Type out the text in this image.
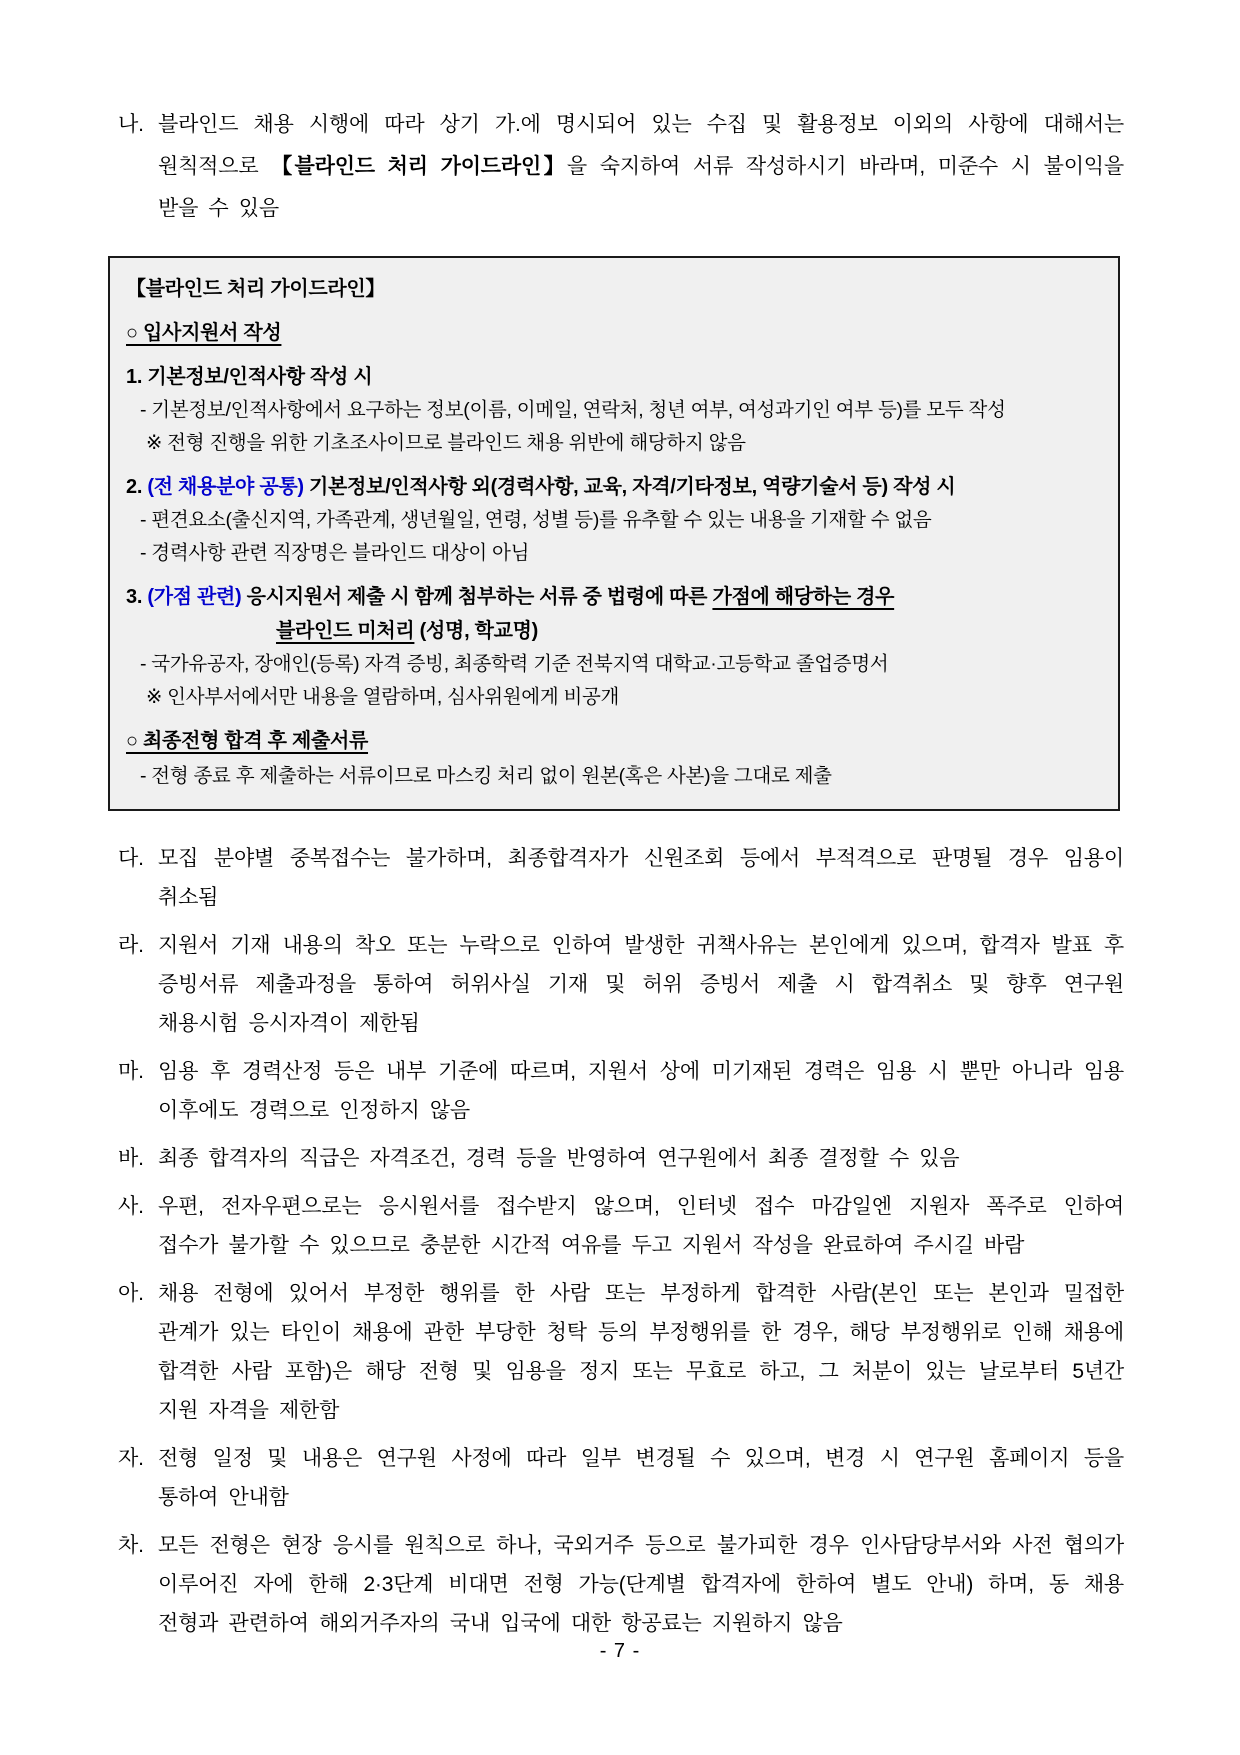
나. 블라인드 채용 시행에 따라 상기 가.에 명시되어 있는 수집 및 활용정보 이외의 사항에 대해서는 원칙적으로 【블라인드 처리 가이드라인】을 숙지하여 서류 작성하시기 바라며, 미준수 시 불이익을 받을 수 있음
【블라인드 처리 가이드라인】
○ 입사지원서 작성
1. 기본정보/인적사항 작성 시
- 기본정보/인적사항에서 요구하는 정보(이름, 이메일, 연락처, 청년 여부, 여성과기인 여부 등)를 모두 작성
※ 전형 진행을 위한 기초조사이므로 블라인드 채용 위반에 해당하지 않음
2. (전 채용분야 공통) 기본정보/인적사항 외(경력사항, 교육, 자격/기타정보, 역량기술서 등) 작성 시
- 편견요소(출신지역, 가족관계, 생년월일, 연령, 성별 등)를 유추할 수 있는 내용을 기재할 수 없음
- 경력사항 관련 직장명은 블라인드 대상이 아님
3. (가점 관련) 응시지원서 제출 시 함께 첨부하는 서류 중 법령에 따른 가점에 해당하는 경우
블라인드 미처리 (성명, 학교명)
- 국가유공자, 장애인(등록) 자격 증빙, 최종학력 기준 전북지역 대학교·고등학교 졸업증명서
※ 인사부서에서만 내용을 열람하며, 심사위원에게 비공개
○ 최종전형 합격 후 제출서류
- 전형 종료 후 제출하는 서류이므로 마스킹 처리 없이 원본(혹은 사본)을 그대로 제출
다. 모집 분야별 중복접수는 불가하며, 최종합격자가 신원조회 등에서 부적격으로 판명될 경우 임용이 취소됨
라. 지원서 기재 내용의 착오 또는 누락으로 인하여 발생한 귀책사유는 본인에게 있으며, 합격자 발표 후 증빙서류 제출과정을 통하여 허위사실 기재 및 허위 증빙서 제출 시 합격취소 및 향후 연구원 채용시험 응시자격이 제한됨
마. 임용 후 경력산정 등은 내부 기준에 따르며, 지원서 상에 미기재된 경력은 임용 시 뿐만 아니라 임용 이후에도 경력으로 인정하지 않음
바. 최종 합격자의 직급은 자격조건, 경력 등을 반영하여 연구원에서 최종 결정할 수 있음
사. 우편, 전자우편으로는 응시원서를 접수받지 않으며, 인터넷 접수 마감일엔 지원자 폭주로 인하여 접수가 불가할 수 있으므로 충분한 시간적 여유를 두고 지원서 작성을 완료하여 주시길 바람
아. 채용 전형에 있어서 부정한 행위를 한 사람 또는 부정하게 합격한 사람(본인 또는 본인과 밀접한 관계가 있는 타인이 채용에 관한 부당한 청탁 등의 부정행위를 한 경우, 해당 부정행위로 인해 채용에 합격한 사람 포함)은 해당 전형 및 임용을 정지 또는 무효로 하고, 그 처분이 있는 날로부터 5년간 지원 자격을 제한함
자. 전형 일정 및 내용은 연구원 사정에 따라 일부 변경될 수 있으며, 변경 시 연구원 홈페이지 등을 통하여 안내함
차. 모든 전형은 현장 응시를 원칙으로 하나, 국외거주 등으로 불가피한 경우 인사담당부서와 사전 협의가 이루어진 자에 한해 2·3단계 비대면 전형 가능(단계별 합격자에 한하여 별도 안내) 하며, 동 채용 전형과 관련하여 해외거주자의 국내 입국에 대한 항공료는 지원하지 않음
- 7 -
